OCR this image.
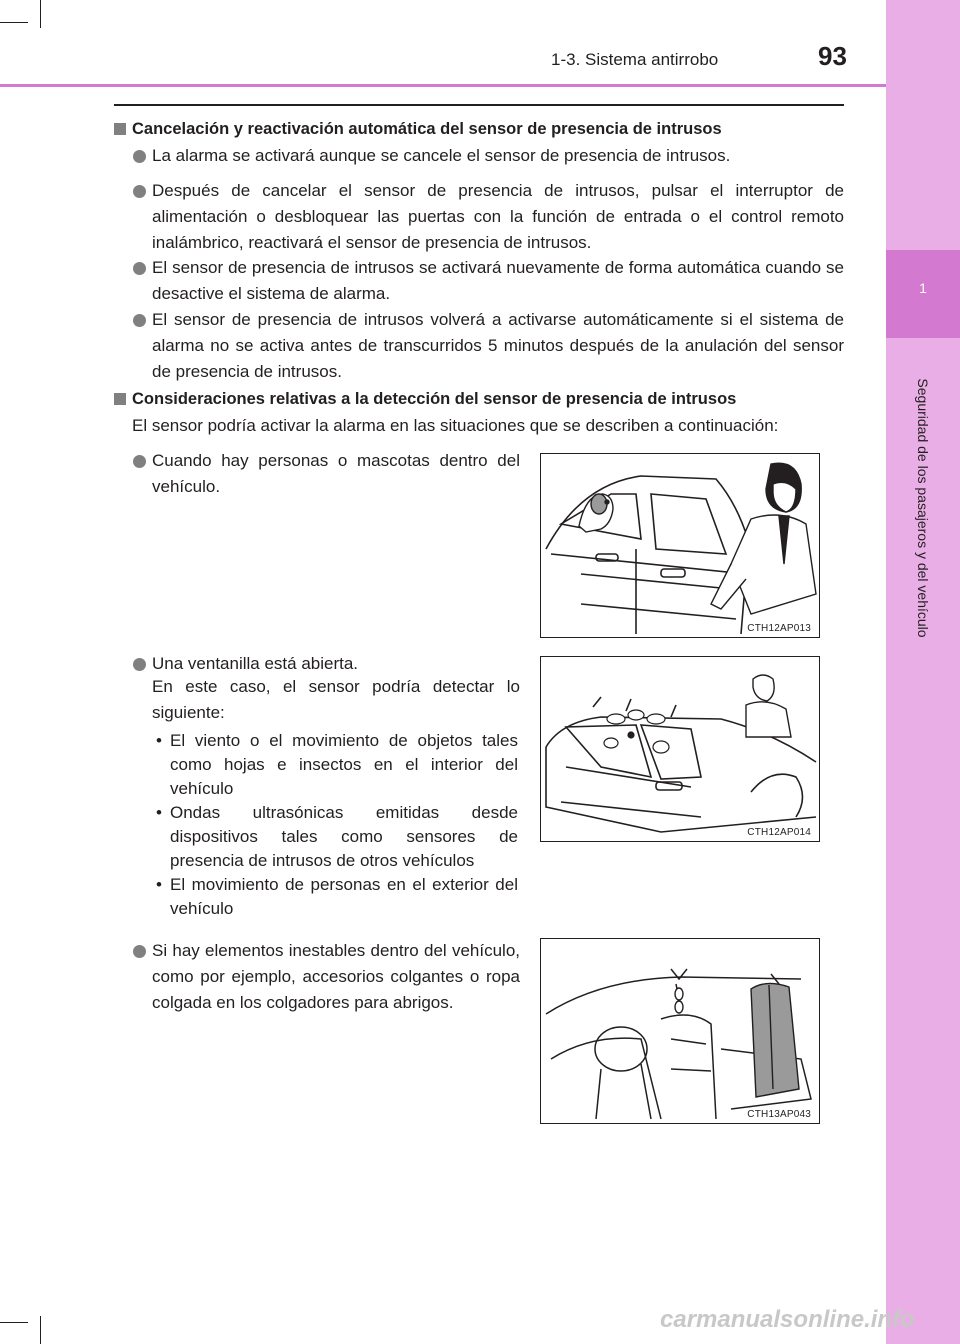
1
Seguridad de los pasajeros y del vehículo
1-3. Sistema antirrobo	93
Cancelación y reactivación automática del sensor de presencia de intrusos
La alarma se activará aunque se cancele el sensor de presencia de intrusos.
Después de cancelar el sensor de presencia de intrusos, pulsar el interruptor de alimentación o desbloquear las puertas con la función de entrada o el control remoto inalámbrico, reactivará el sensor de presencia de intrusos.
El sensor de presencia de intrusos se activará nuevamente de forma automática cuando se desactive el sistema de alarma.
El sensor de presencia de intrusos volverá a activarse automáticamente si el sistema de alarma no se activa antes de transcurridos 5 minutos después de la anulación del sensor de presencia de intrusos.
Consideraciones relativas a la detección del sensor de presencia de intrusos
El sensor podría activar la alarma en las situaciones que se describen a continuación:
Cuando hay personas o mascotas dentro del vehículo.
CTH12AP013
Una ventanilla está abierta.
En este caso, el sensor podría detectar lo siguiente:
• El viento o el movimiento de objetos tales como hojas e insectos en el interior del vehículo
• Ondas ultrasónicas emitidas desde dispositivos tales como sensores de presencia de intrusos de otros vehículos
• El movimiento de personas en el exterior del vehículo
CTH12AP014
Si hay elementos inestables dentro del vehículo, como por ejemplo, accesorios colgantes o ropa colgada en los colgadores para abrigos.
CTH13AP043
carmanualsonline.info
